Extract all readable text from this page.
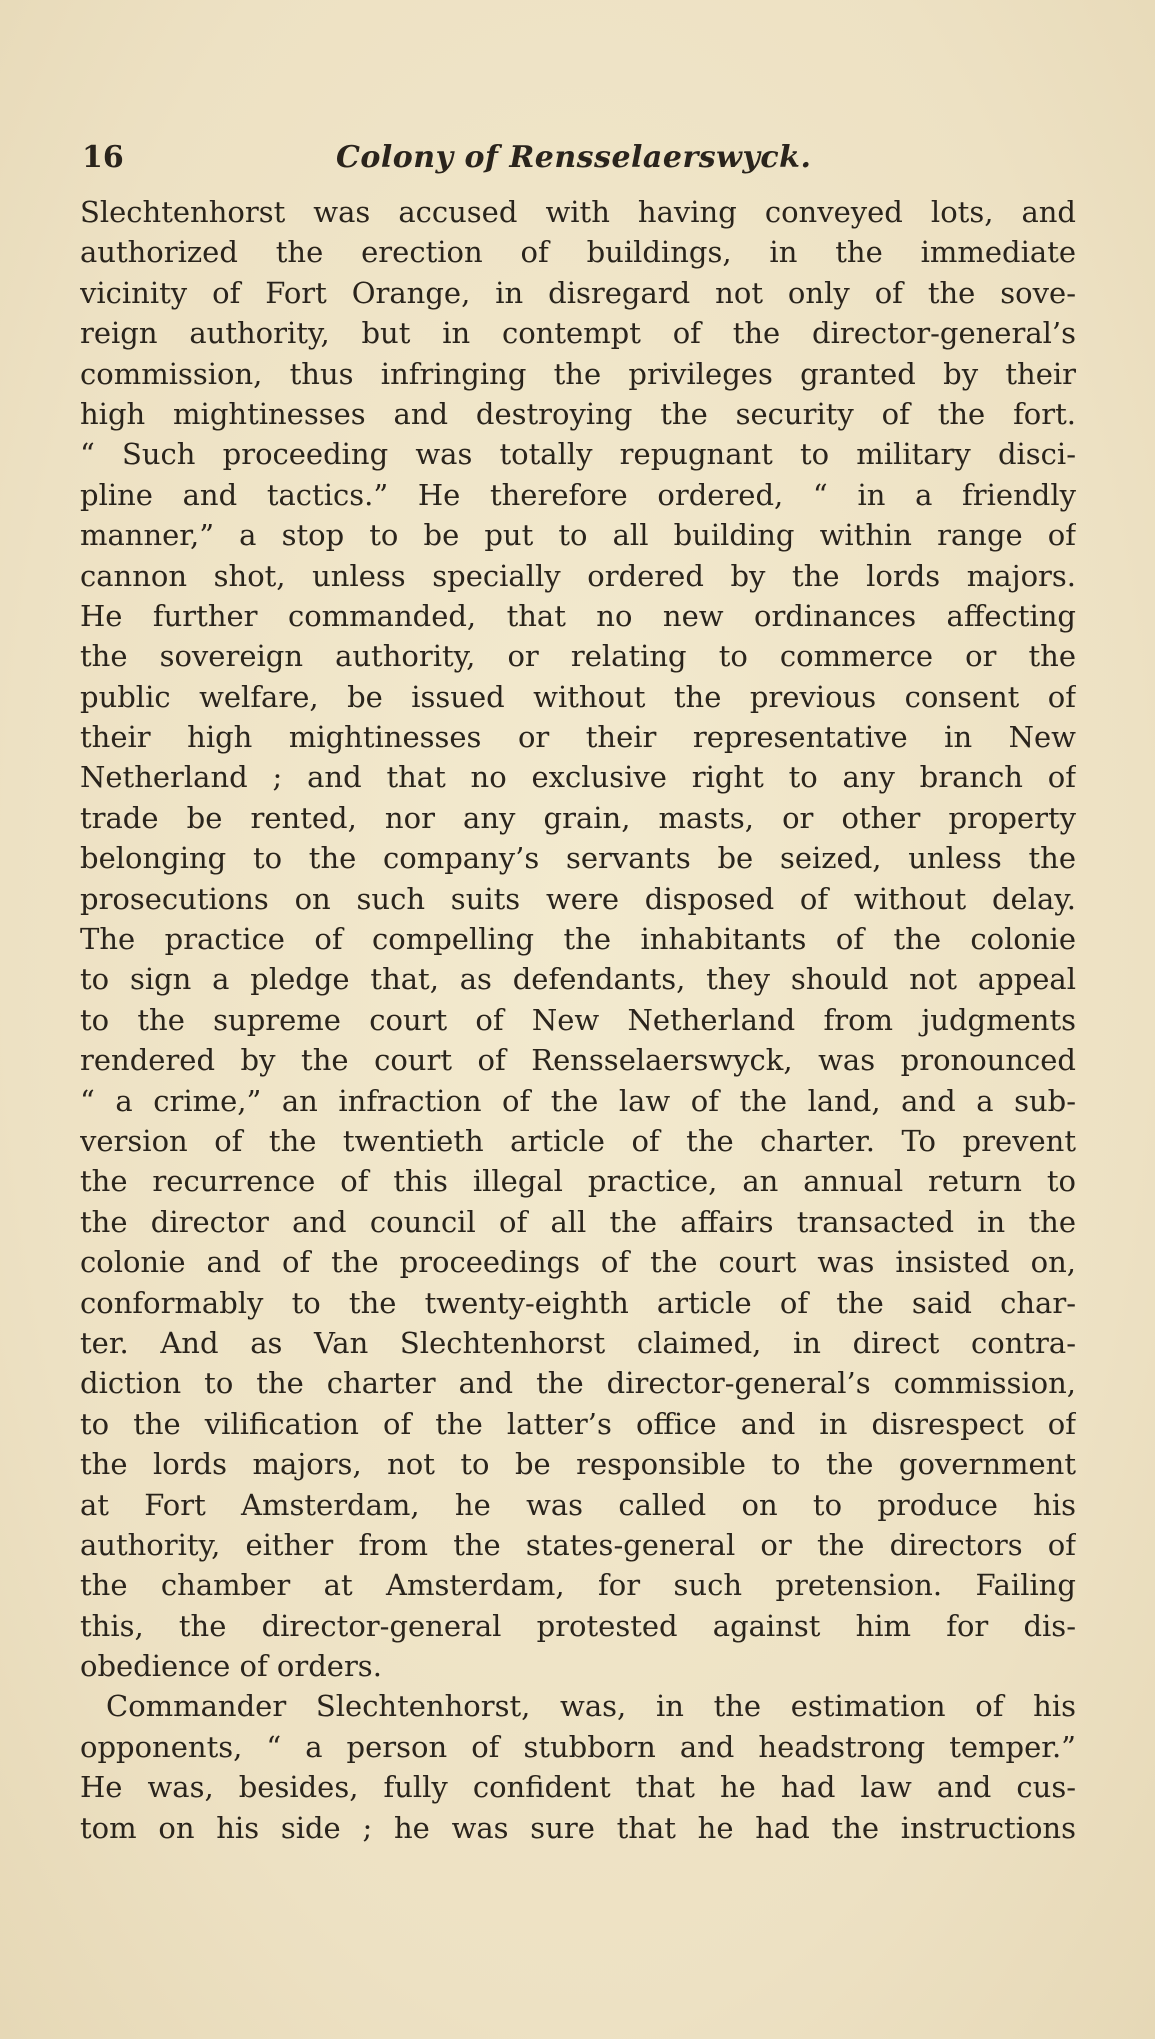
16	Colony of Rensselaerswyck.
Slechtenhorst was accused with having conveyed lots, and
authorized the erection of buildings, in the immediate
vicinity of Fort Orange, in disregard not only of the sove-
reign authority, but in contempt of the director-general’s
commission, thus infringing the privileges granted by their
high mightinesses and destroying the security of the fort.
“ Such proceeding was totally repugnant to military disci-
pline and tactics.” He therefore ordered, “ in a friendly
manner,” a stop to be put to all building within range of
cannon shot, unless specially ordered by the lords majors.
He further commanded, that no new ordinances affecting
the sovereign authority, or relating to commerce or the
public welfare, be issued without the previous consent of
their high mightinesses or their representative in New
Netherland ; and that no exclusive right to any branch of
trade be rented, nor any grain, masts, or other property
belonging to the company’s servants be seized, unless the
prosecutions on such suits were disposed of without delay.
The practice of compelling the inhabitants of the colonie
to sign a pledge that, as defendants, they should not appeal
to the supreme court of New Netherland from judgments
rendered by the court of Rensselaerswyck, was pronounced
“ a crime,” an infraction of the law of the land, and a sub-
version of the twentieth article of the charter. To prevent
the recurrence of this illegal practice, an annual return to
the director and council of all the affairs transacted in the
colonie and of the proceedings of the court was insisted on,
conformably to the twenty-eighth article of the said char-
ter. And as Van Slechtenhorst claimed, in direct contra-
diction to the charter and the director-general’s commission,
to the vilification of the latter’s office and in disrespect of
the lords majors, not to be responsible to the government
at Fort Amsterdam, he was called on to produce his
authority, either from the states-general or the directors of
the chamber at Amsterdam, for such pretension. Failing
this, the director-general protested against him for dis-
obedience of orders.
Commander Slechtenhorst, was, in the estimation of his
opponents, “ a person of stubborn and headstrong temper.”
He was, besides, fully confident that he had law and cus-
tom on his side ; he was sure that he had the instructions
